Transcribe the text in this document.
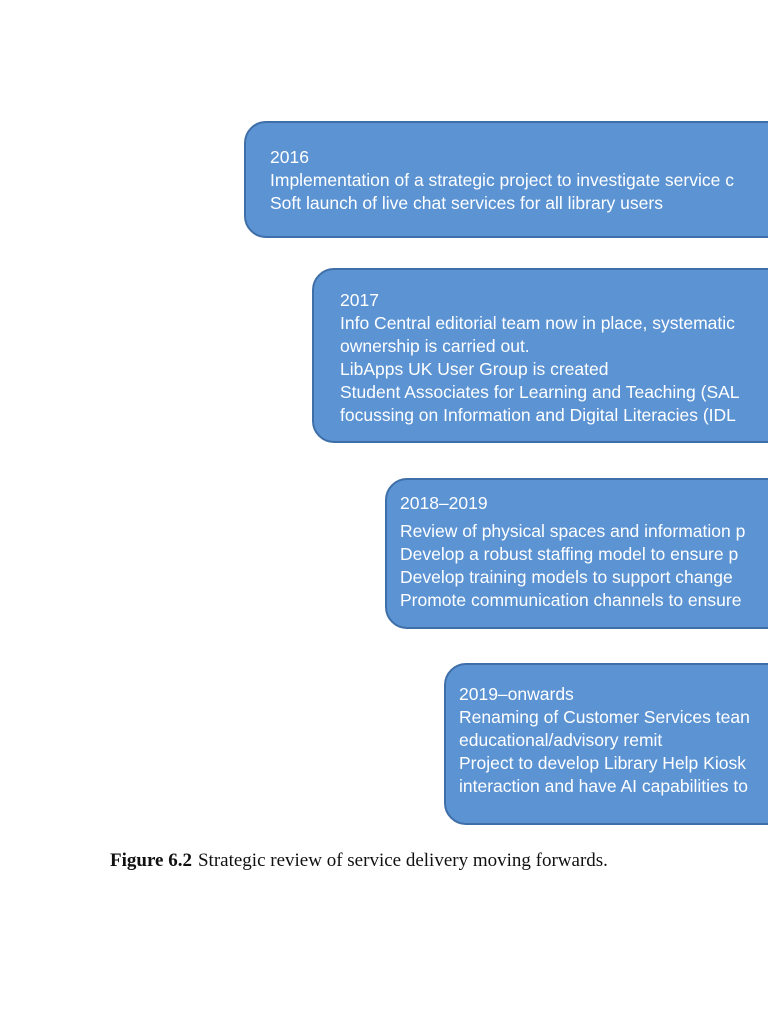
2016
Implementation of a strategic project to investigate service c
Soft launch of live chat services for all library users
2017
Info Central editorial team now in place, systematic
ownership is carried out.
LibApps UK User Group is created
Student Associates for Learning and Teaching (SAL
focussing on Information and Digital Literacies (IDL
2018–2019
Review of physical spaces and information p
Develop a robust staffing model to ensure p
Develop training models to support change
Promote communication channels to ensure
2019–onwards
Renaming of Customer Services tean
educational/advisory remit
Project to develop Library Help Kiosk
interaction and have AI capabilities to
Figure 6.2 Strategic review of service delivery moving forwards.
